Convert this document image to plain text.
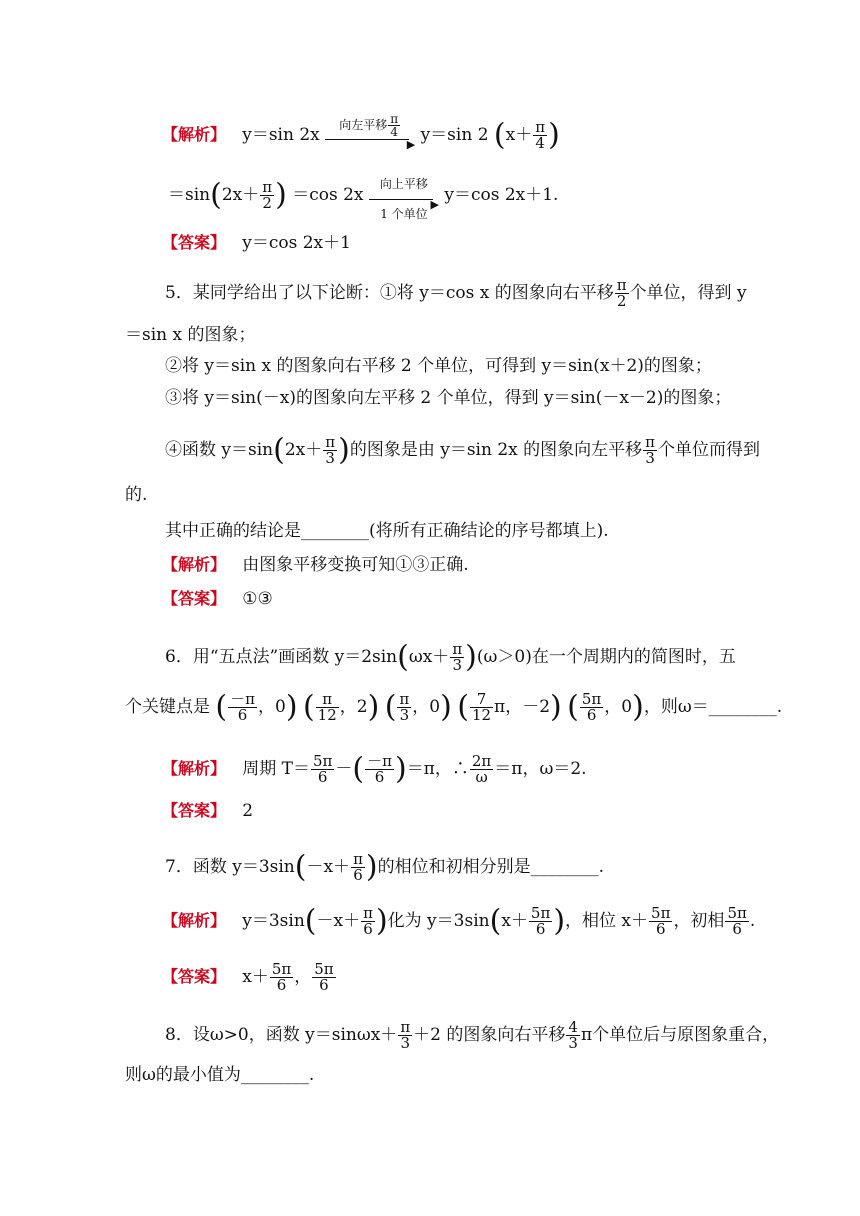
【解析】 y＝sin 2x
向左平移 $\frac{\pi}{4}$
▶ y＝sin 2 ($x+ \frac{\pi}{4}$ )
$=\sin(2x+ \frac{\pi}{2}$ ) ＝cos 2x
向上平移
▶
1 个单位
y＝cos 2x＋1.
【答案】 y＝cos 2x＋1
5．某同学给出了以下论断：①将 y＝cos x 的图象向右平移 $\frac{\pi}{2}$ 个单位，得到 y
＝sin x 的图象；
②将 y＝sin x 的图象向右平移 2 个单位，可得到 y＝sin(x＋2)的图象；
③将 y＝sin(－x)的图象向左平移 2 个单位，得到 y＝sin(－x－2)的图象；
④函数 $y=\sin(2x+ \frac{\pi}{3}$ )的图象是由 y＝sin 2x 的图象向左平移 $\frac{\pi}{3}$ 个单位而得到
的.
其中正确的结论是________(将所有正确结论的序号都填上).
【解析】 由图象平移变换可知①③正确.
【答案】 ①③
6．用“五点法”画函数 $y=2\sin(\omega x+ \frac{\pi}{3} )(\omega>0)$在一个周期内的简图时，五
个关键点是 ( $\frac{-\pi}{6}$ ，0) ( $\frac{\pi}{12}$ ，2) ( $\frac{\pi}{3}$ ，0) ( $\frac{7}{12}$ π，－2) ( $\frac{5\pi}{6}$ ，0)，则ω＝________.
【解析】 周期 $T= \frac{5\pi}{6}$ －( $\frac{-\pi}{6} )=\pi$，∴ $\frac{2\pi}{\omega} =\pi$，ω＝2.
【答案】 2
7．函数 $y=3\sin(-x+ \frac{\pi}{6}$ )的相位和初相分别是________.
【解析】 $y=3\sin(-x+ \frac{\pi}{6}$ )化为 $y=3\sin(x+ \frac{5\pi}{6}$ )，相位 $x+ \frac{5\pi}{6}$ ，初相 $\frac{5\pi}{6}$ .
【答案】 $x+ \frac{5\pi}{6}$ ， $\frac{5\pi}{6}$
8．设ω>0，函数 $y=\sin\omega x+ \frac{\pi}{3} +2$ 的图象向右平移 $\frac{4}{3}$ π个单位后与原图象重合，
则ω的最小值为________.
